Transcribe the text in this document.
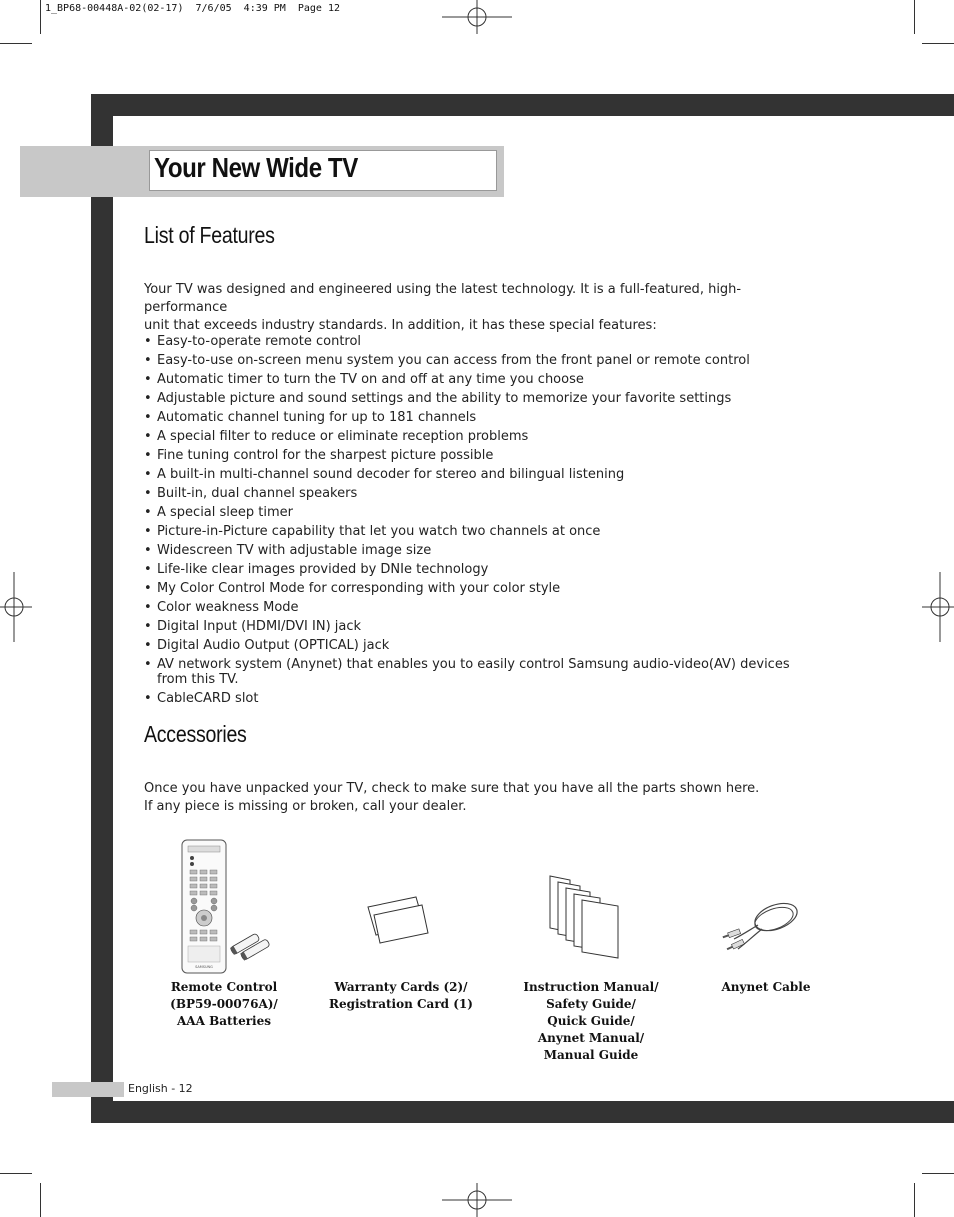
1_BP68-00448A-02(02-17)  7/6/05  4:39 PM  Page 12
Your New Wide TV
List of Features

Your TV was designed and engineered using the latest technology. It is a full-featured, high-performance

unit that exceeds industry standards. In addition, it has these special features:

• Easy-to-operate remote control
• Easy-to-use on-screen menu system you can access from the front panel or remote control
• Automatic timer to turn the TV on and off at any time you choose
• Adjustable picture and sound settings and the ability to memorize your favorite settings
• Automatic channel tuning for up to 181 channels
• A special filter to reduce or eliminate reception problems
• Fine tuning control for the sharpest picture possible
• A built-in multi-channel sound decoder for stereo and bilingual listening
• Built-in, dual channel speakers
• A special sleep timer
• Picture-in-Picture capability that let you watch two channels at once
• Widescreen TV with adjustable image size
• Life-like clear images provided by DNIe technology
• My Color Control Mode for corresponding with your color style
• Color weakness Mode
• Digital Input (HDMI/DVI IN) jack
• Digital Audio Output (OPTICAL) jack
• AV network system (Anynet) that enables you to easily control Samsung audio-video(AV) devices from this TV.
• CableCARD slot
Accessories

Once you have unpacked your TV, check to make sure that you have all the parts shown here.

If any piece is missing or broken, call your dealer.

SAMSUNG
Remote Control
(BP59-00076A)/
AAA Batteries
Warranty Cards (2)/
Registration Card (1)
Instruction Manual/
Safety Guide/
Quick Guide/
Anynet Manual/
Manual Guide
Anynet Cable
English - 12
